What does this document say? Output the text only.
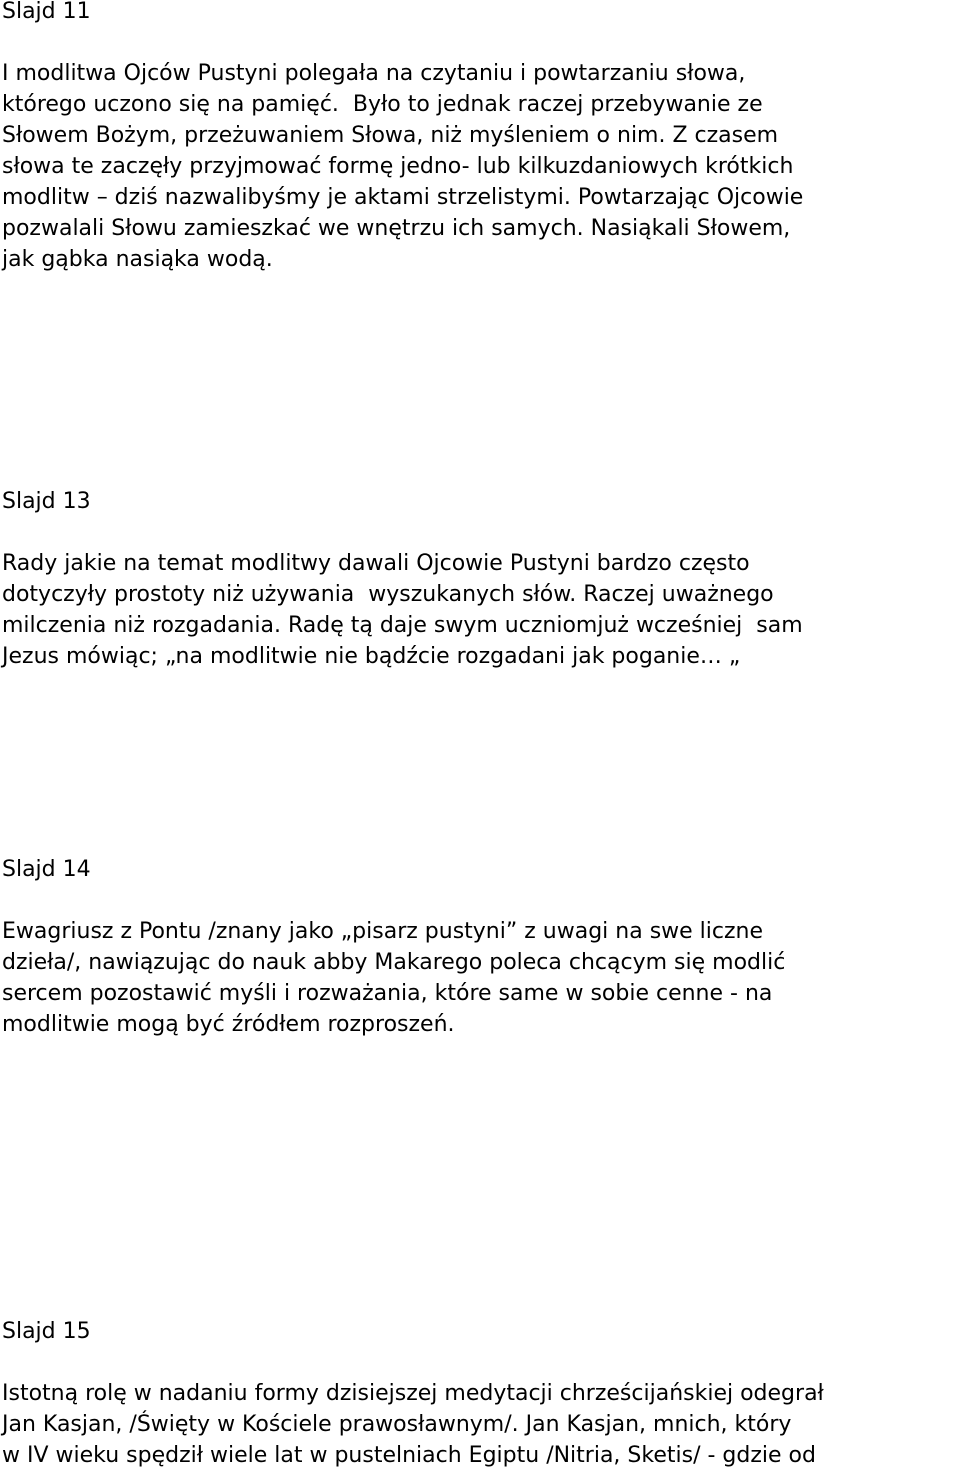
Slajd 11

I modlitwa Ojców Pustyni polegała na czytaniu i powtarzaniu słowa,
którego uczono się na pamięć.  Było to jednak raczej przebywanie ze
Słowem Bożym, przeżuwaniem Słowa, niż myśleniem o nim. Z czasem
słowa te zaczęły przyjmować formę jedno- lub kilkuzdaniowych krótkich
modlitw – dziś nazwalibyśmy je aktami strzelistymi. Powtarzając Ojcowie
pozwalali Słowu zamieszkać we wnętrzu ich samych. Nasiąkali Słowem,
jak gąbka nasiąka wodą.

Slajd 13

Rady jakie na temat modlitwy dawali Ojcowie Pustyni bardzo często
dotyczyły prostoty niż używania  wyszukanych słów. Raczej uważnego
milczenia niż rozgadania. Radę tą daje swym uczniomjuż wcześniej  sam
Jezus mówiąc; „na modlitwie nie bądźcie rozgadani jak poganie… „

Slajd 14

Ewagriusz z Pontu /znany jako „pisarz pustyni” z uwagi na swe liczne
dzieła/, nawiązując do nauk abby Makarego poleca chcącym się modlić
sercem pozostawić myśli i rozważania, które same w sobie cenne - na
modlitwie mogą być źródłem rozproszeń.

Slajd 15

Istotną rolę w nadaniu formy dzisiejszej medytacji chrześcijańskiej odegrał
Jan Kasjan, /Święty w Kościele prawosławnym/. Jan Kasjan, mnich, który
w IV wieku spędził wiele lat w pustelniach Egiptu /Nitria, Sketis/ - gdzie od
